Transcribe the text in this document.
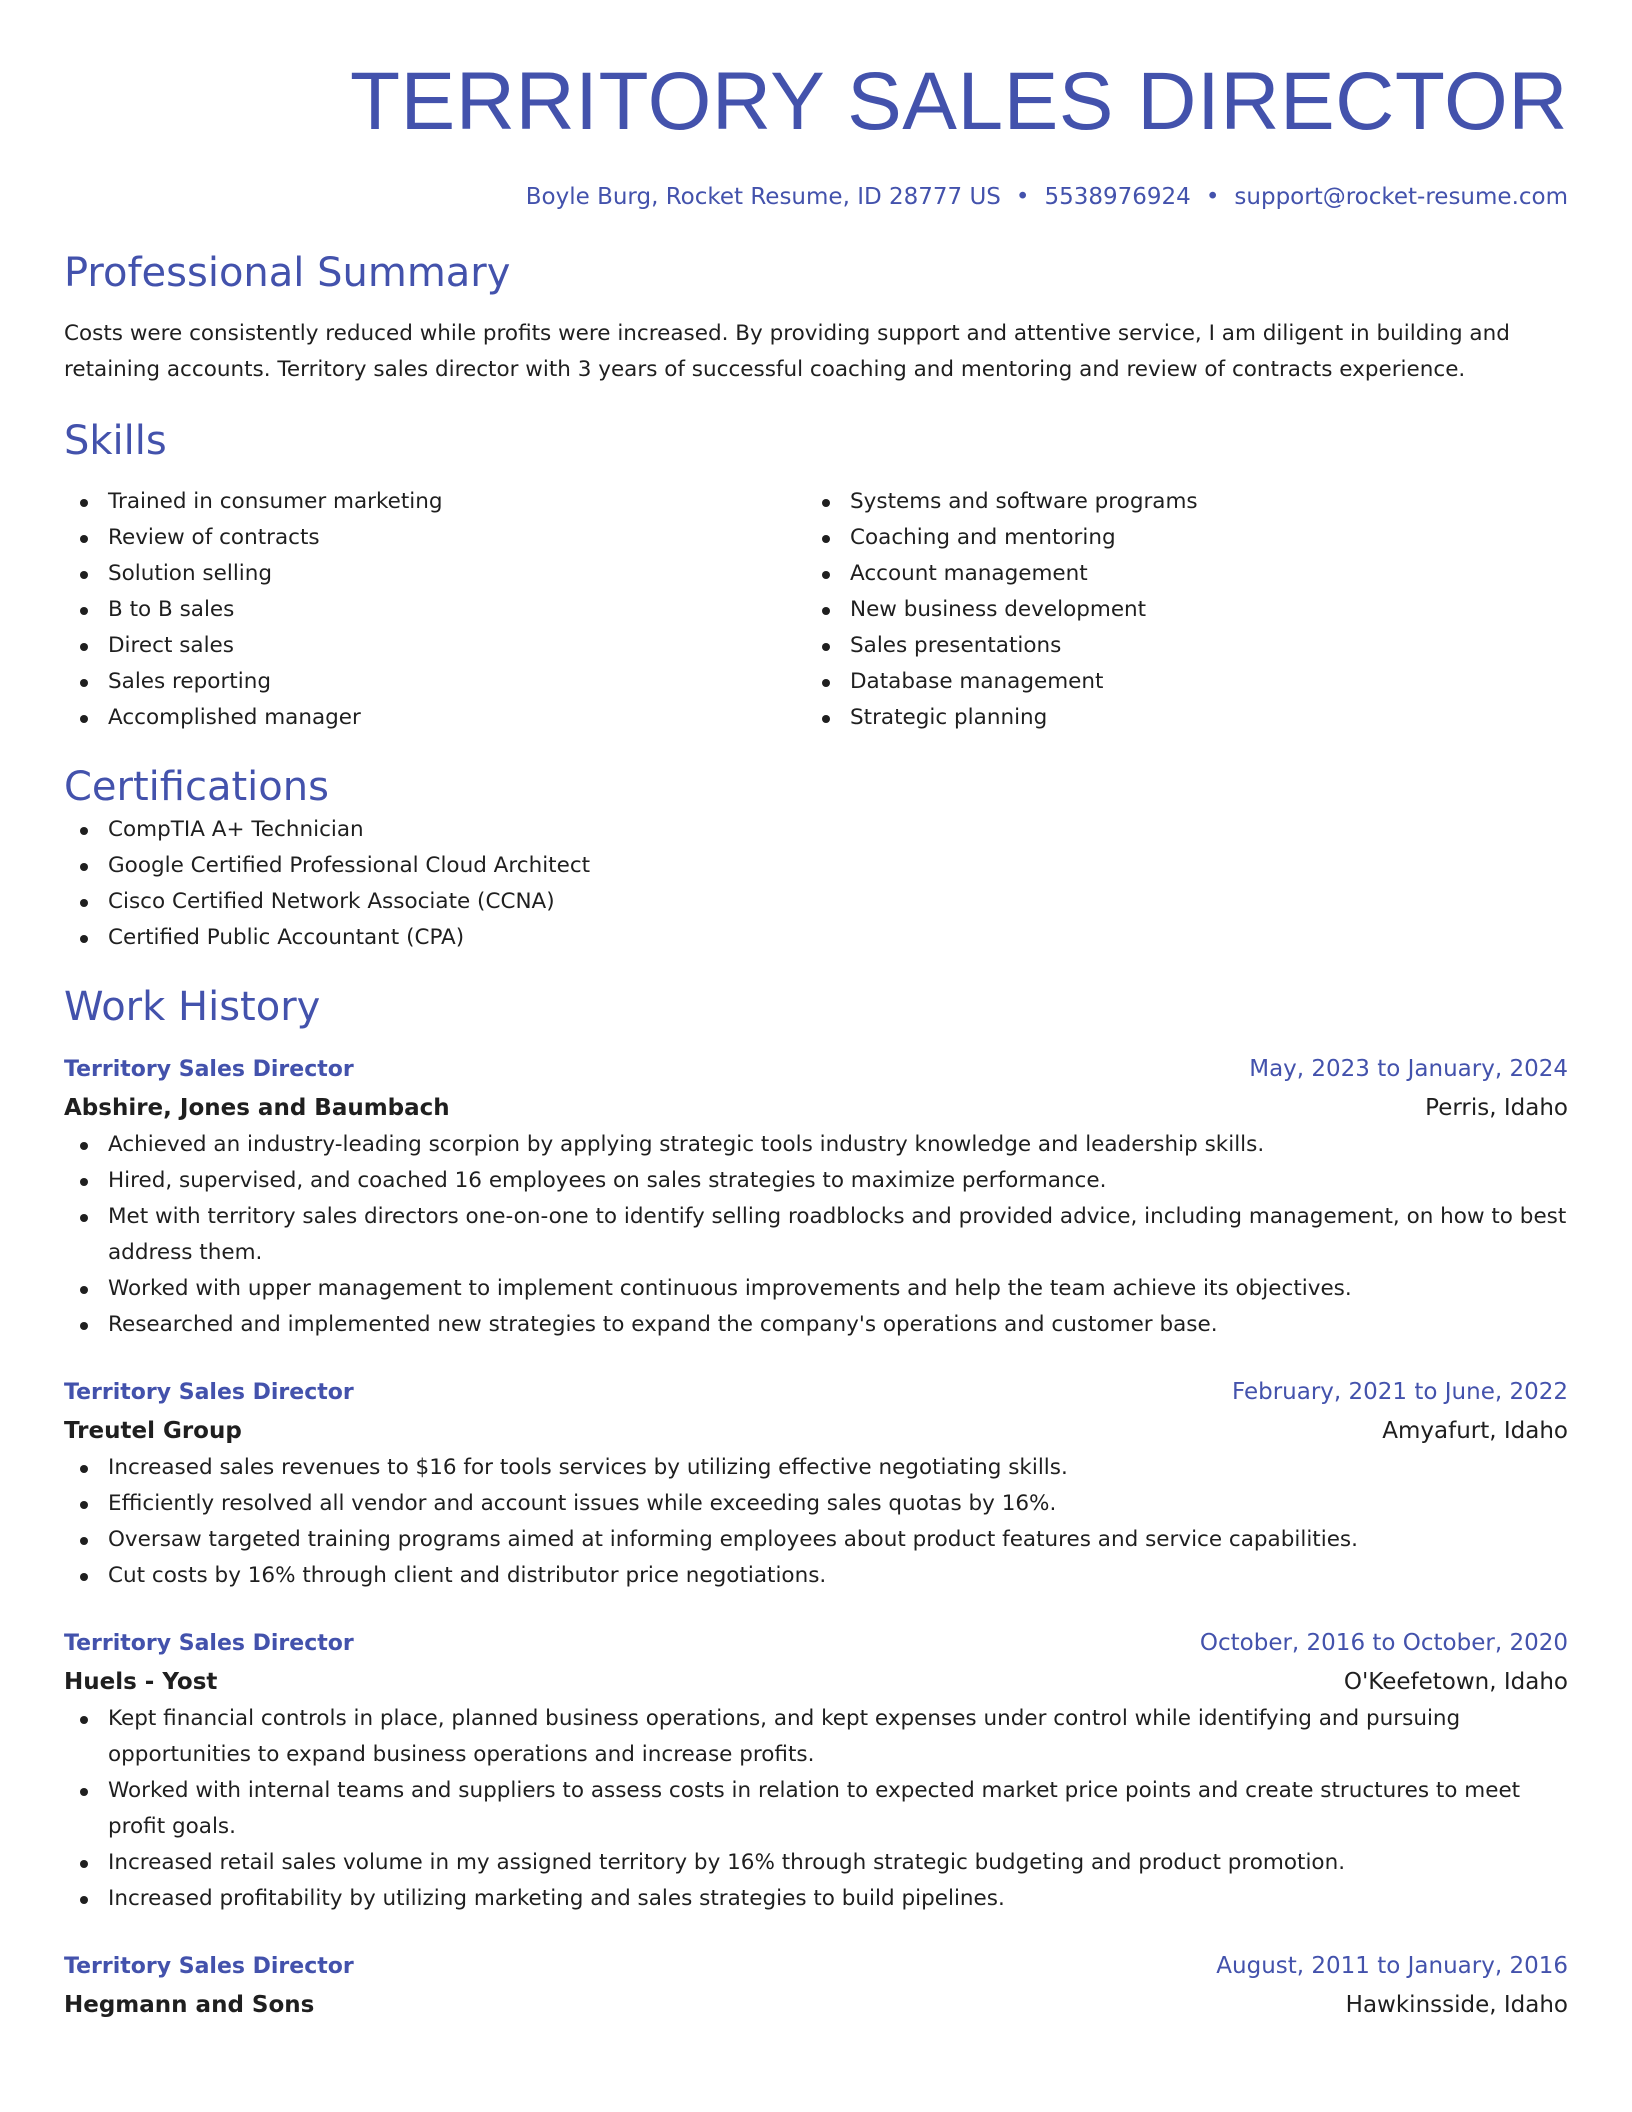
TERRITORY SALES DIRECTOR
Boyle Burg, Rocket Resume, ID 28777 US • 5538976924 • support@rocket-resume.com
Professional Summary
Costs were consistently reduced while profits were increased. By providing support and attentive service, I am diligent in building and retaining accounts. Territory sales director with 3 years of successful coaching and mentoring and review of contracts experience.
Skills
Trained in consumer marketing
Review of contracts
Solution selling
B to B sales
Direct sales
Sales reporting
Accomplished manager
Systems and software programs
Coaching and mentoring
Account management
New business development
Sales presentations
Database management
Strategic planning
Certifications
CompTIA A+ Technician
Google Certified Professional Cloud Architect
Cisco Certified Network Associate (CCNA)
Certified Public Accountant (CPA)
Work History
Territory Sales Director	May, 2023 to January, 2024
Abshire, Jones and Baumbach	Perris, Idaho
Achieved an industry-leading scorpion by applying strategic tools industry knowledge and leadership skills.
Hired, supervised, and coached 16 employees on sales strategies to maximize performance.
Met with territory sales directors one-on-one to identify selling roadblocks and provided advice, including management, on how to best address them.
Worked with upper management to implement continuous improvements and help the team achieve its objectives.
Researched and implemented new strategies to expand the company's operations and customer base.
Territory Sales Director	February, 2021 to June, 2022
Treutel Group	Amyafurt, Idaho
Increased sales revenues to $16 for tools services by utilizing effective negotiating skills.
Efficiently resolved all vendor and account issues while exceeding sales quotas by 16%.
Oversaw targeted training programs aimed at informing employees about product features and service capabilities.
Cut costs by 16% through client and distributor price negotiations.
Territory Sales Director	October, 2016 to October, 2020
Huels - Yost	O'Keefetown, Idaho
Kept financial controls in place, planned business operations, and kept expenses under control while identifying and pursuing opportunities to expand business operations and increase profits.
Worked with internal teams and suppliers to assess costs in relation to expected market price points and create structures to meet profit goals.
Increased retail sales volume in my assigned territory by 16% through strategic budgeting and product promotion.
Increased profitability by utilizing marketing and sales strategies to build pipelines.
Territory Sales Director	August, 2011 to January, 2016
Hegmann and Sons	Hawkinsside, Idaho
